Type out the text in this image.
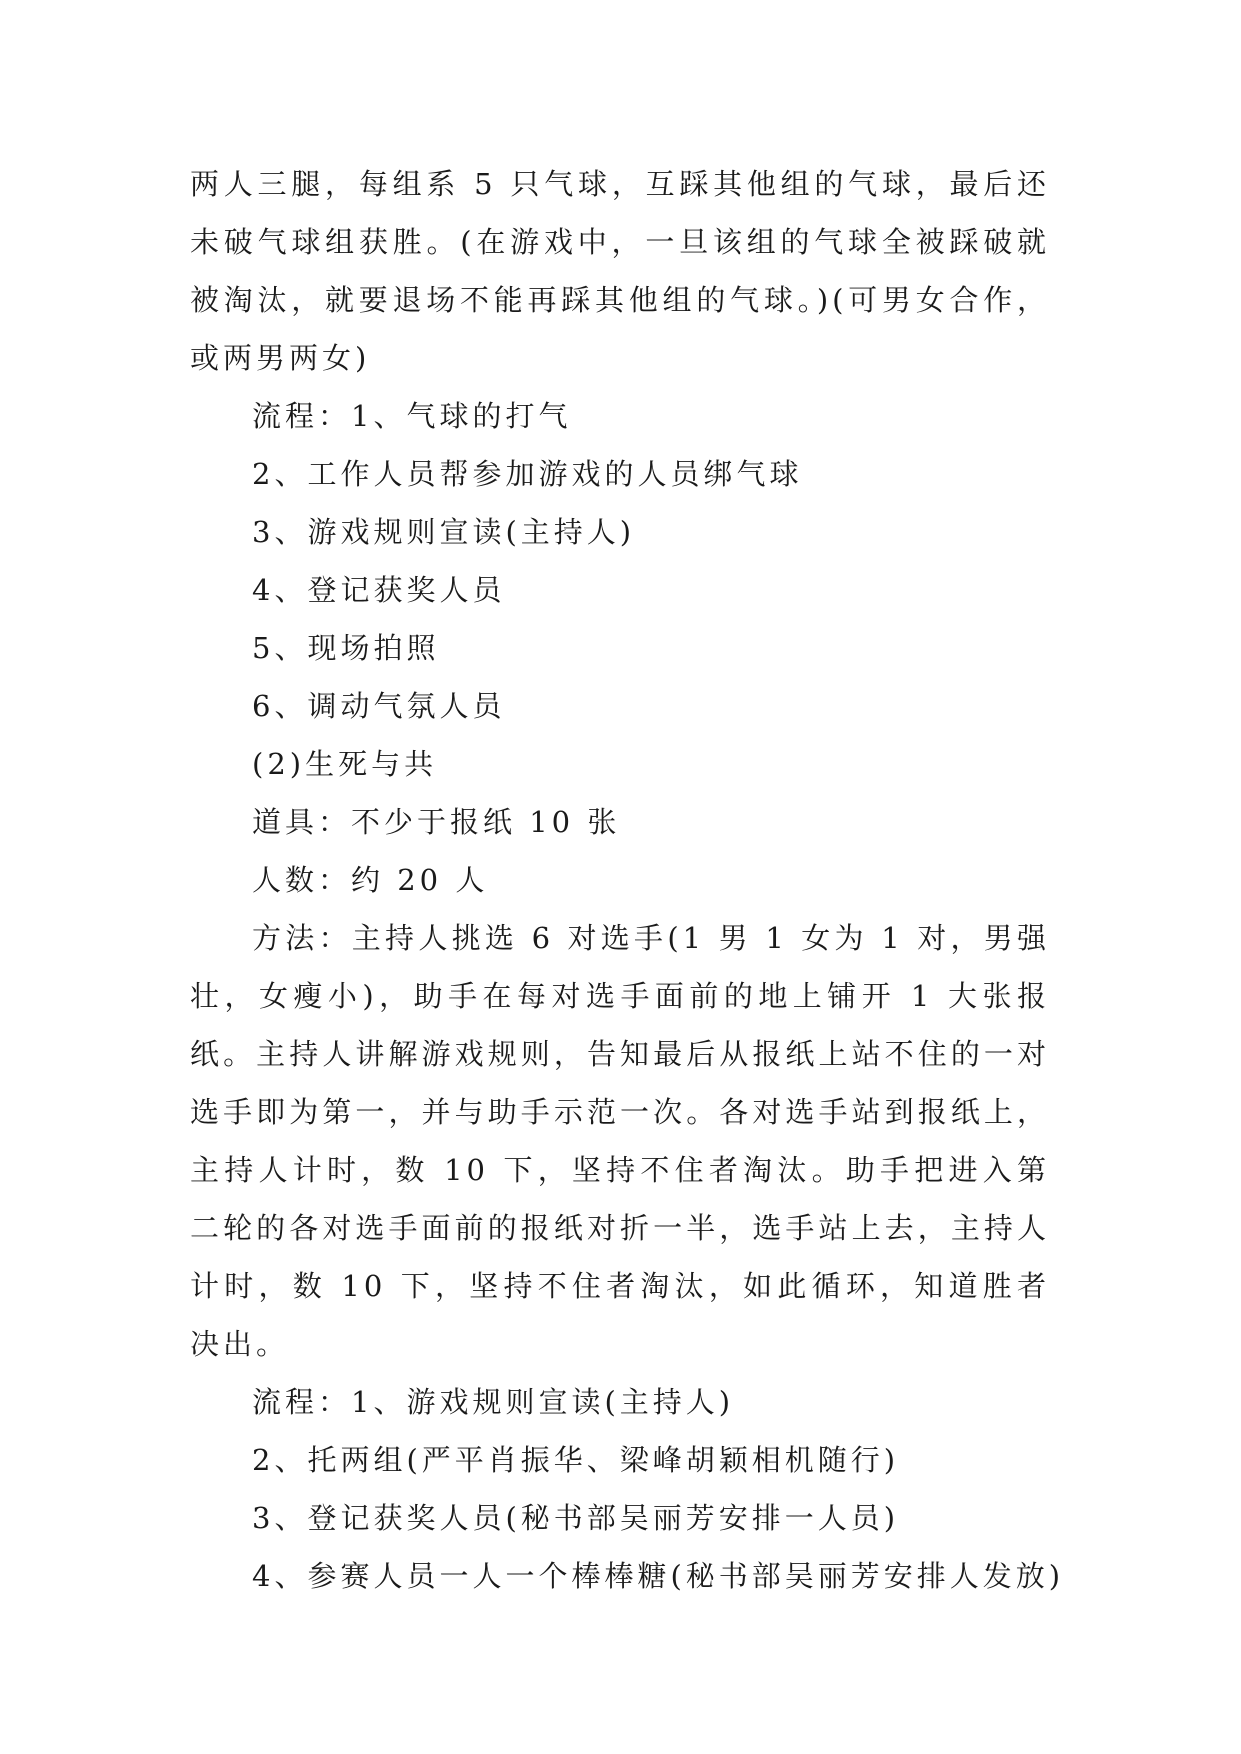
两人三腿，每组系 5 只气球，互踩其他组的气球，最后还未破气球组获胜。(在游戏中，一旦该组的气球全被踩破就被淘汰，就要退场不能再踩其他组的气球。)(可男女合作，或两男两女)

流程：1、气球的打气

2、工作人员帮参加游戏的人员绑气球

3、游戏规则宣读(主持人)

4、登记获奖人员

5、现场拍照

6、调动气氛人员

(2)生死与共

道具：不少于报纸 10 张

人数：约 20 人

方法：主持人挑选 6 对选手(1 男 1 女为 1 对，男强壮，女瘦小)，助手在每对选手面前的地上铺开 1 大张报纸。主持人讲解游戏规则，告知最后从报纸上站不住的一对选手即为第一，并与助手示范一次。各对选手站到报纸上，主持人计时，数 10 下，坚持不住者淘汰。助手把进入第二轮的各对选手面前的报纸对折一半，选手站上去，主持人计时，数 10 下，坚持不住者淘汰，如此循环，知道胜者决出。

流程：1、游戏规则宣读(主持人)

2、托两组(严平肖振华、梁峰胡颖相机随行)

3、登记获奖人员(秘书部吴丽芳安排一人员)

4、参赛人员一人一个棒棒糖(秘书部吴丽芳安排人发放)
